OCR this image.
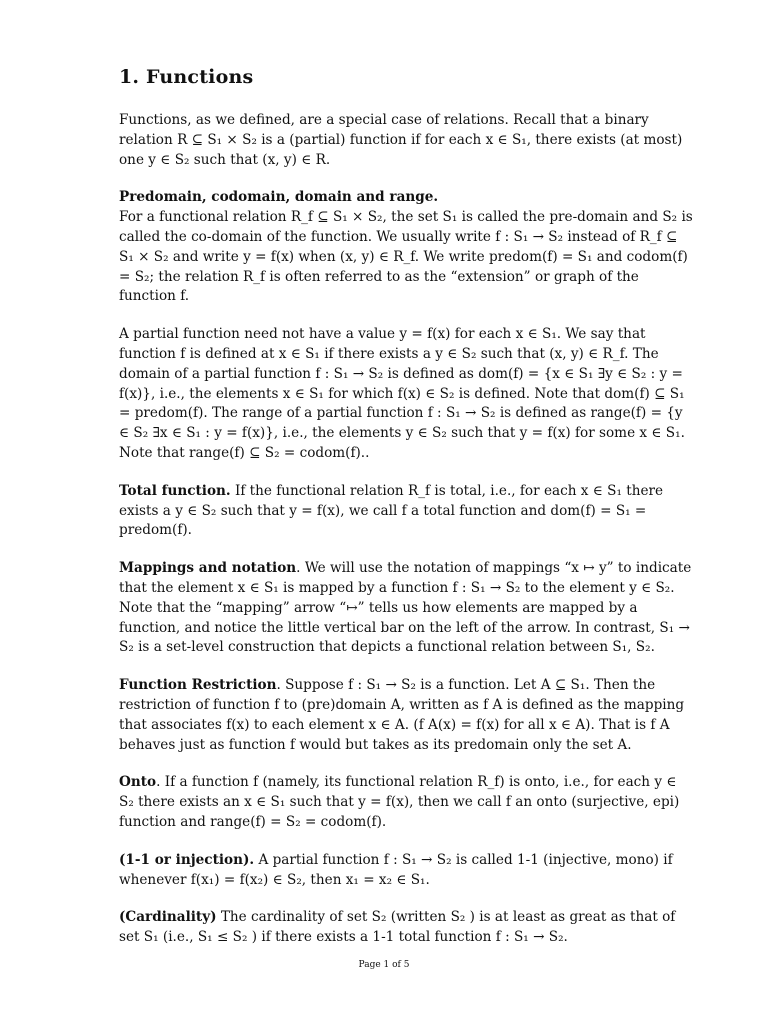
1. Functions

Functions, as we defined, are a special case of relations. Recall that a binary relation R ⊆ S₁ × S₂ is a (partial) function if for each x ∈ S₁, there exists (at most) one y ∈ S₂ such that (x, y) ∈ R.

Predomain, codomain, domain and range.
For a functional relation R_f ⊆ S₁ × S₂, the set S₁ is called the pre-domain and S₂ is called the co-domain of the function. We usually write f : S₁ → S₂ instead of R_f ⊆ S₁ × S₂ and write y = f(x) when (x, y) ∈ R_f. We write predom(f) = S₁ and codom(f) = S₂; the relation R_f is often referred to as the “extension” or graph of the function f.

A partial function need not have a value y = f(x) for each x ∈ S₁. We say that function f is defined at x ∈ S₁ if there exists a y ∈ S₂ such that (x, y) ∈ R_f. The domain of a partial function f : S₁ → S₂ is defined as dom(f) = {x ∈ S₁ ∃y ∈ S₂ : y = f(x)}, i.e., the elements x ∈ S₁ for which f(x) ∈ S₂ is defined. Note that dom(f) ⊆ S₁ = predom(f). The range of a partial function f : S₁ → S₂ is defined as range(f) = {y ∈ S₂ ∃x ∈ S₁ : y = f(x)}, i.e., the elements y ∈ S₂ such that y = f(x) for some x ∈ S₁. Note that range(f) ⊆ S₂ = codom(f)..

Total function. If the functional relation R_f is total, i.e., for each x ∈ S₁ there exists a y ∈ S₂ such that y = f(x), we call f a total function and dom(f) = S₁ = predom(f).

Mappings and notation. We will use the notation of mappings “x ↦ y” to indicate that the element x ∈ S₁ is mapped by a function f : S₁ → S₂ to the element y ∈ S₂. Note that the “mapping” arrow “↦” tells us how elements are mapped by a function, and notice the little vertical bar on the left of the arrow. In contrast, S₁ → S₂ is a set-level construction that depicts a functional relation between S₁, S₂.

Function Restriction. Suppose f : S₁ → S₂ is a function. Let A ⊆ S₁. Then the restriction of function f to (pre)domain A, written as f A is defined as the mapping that associates f(x) to each element x ∈ A. (f A(x) = f(x) for all x ∈ A). That is f A behaves just as function f would but takes as its predomain only the set A.

Onto. If a function f (namely, its functional relation R_f) is onto, i.e., for each y ∈ S₂ there exists an x ∈ S₁ such that y = f(x), then we call f an onto (surjective, epi) function and range(f) = S₂ = codom(f).

(1-1 or injection). A partial function f : S₁ → S₂ is called 1-1 (injective, mono) if whenever f(x₁) = f(x₂) ∈ S₂, then x₁ = x₂ ∈ S₁.

(Cardinality) The cardinality of set S₂ (written S₂ ) is at least as great as that of set S₁ (i.e., S₁ ≤ S₂ ) if there exists a 1-1 total function f : S₁ → S₂.

Page 1 of 5
